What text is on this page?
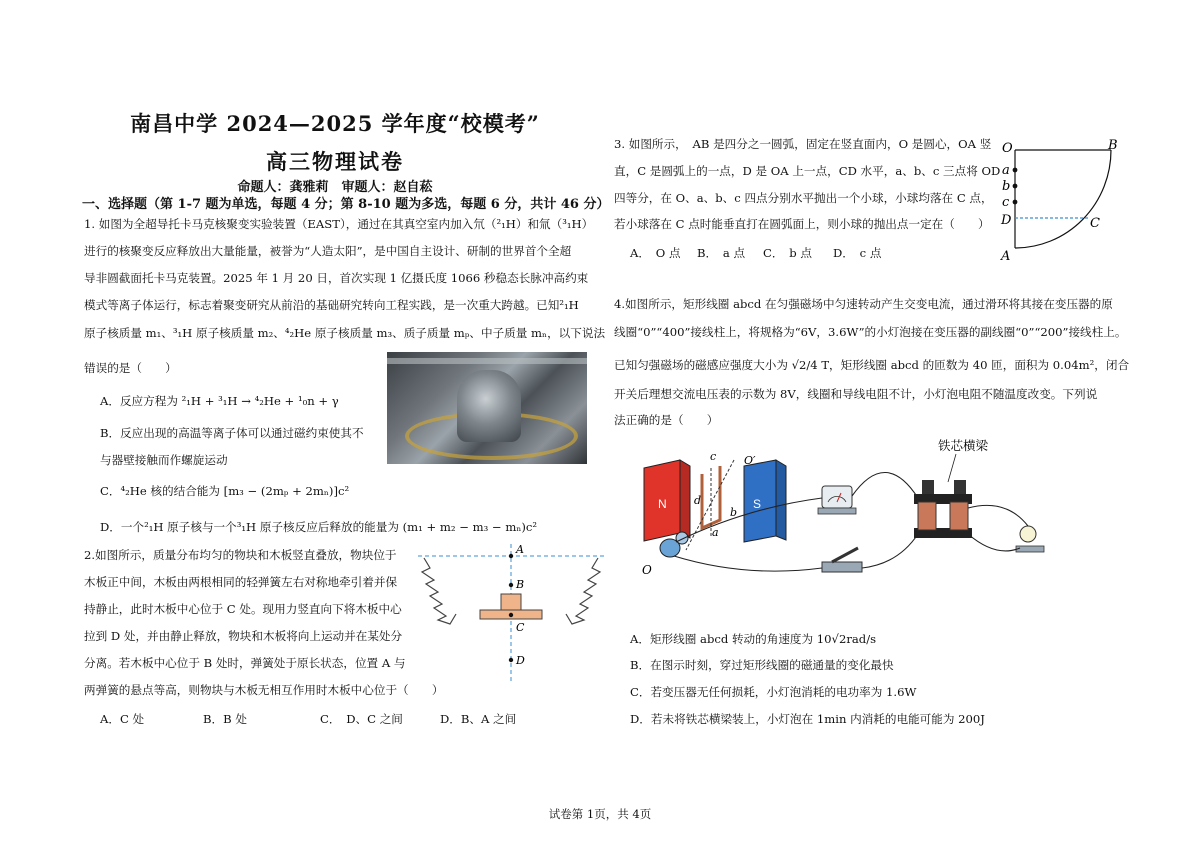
南昌中学 2024—2025 学年度“校模考”
高三物理试卷
命题人：龚雅莉　审题人：赵自菘
一、选择题（第 1-7 题为单选，每题 4 分；第 8-10 题为多选，每题 6 分，共计 46 分）
1. 如图为全超导托卡马克核聚变实验装置（EAST），通过在其真空室内加入氘（²₁H）和氚（³₁H）
进行的核聚变反应释放出大量能量，被誉为“人造太阳”，是中国自主设计、研制的世界首个全超
导非圆截面托卡马克装置。2025 年 1 月 20 日，首次实现 1 亿摄氏度 1066 秒稳态长脉冲高约束
模式等离子体运行，标志着聚变研究从前沿的基础研究转向工程实践，是一次重大跨越。已知²₁H
原子核质量 m₁、³₁H 原子核质量 m₂、⁴₂He 原子核质量 m₃、质子质量 mₚ、中子质量 mₙ，以下说法
错误的是（　　）
A．反应方程为 ²₁H + ³₁H → ⁴₂He + ¹₀n + γ
B．反应出现的高温等离子体可以通过磁约束使其不
与器壁接触而作螺旋运动
C．⁴₂He 核的结合能为 [m₃ − (2mₚ + 2mₙ)]c²
D．一个²₁H 原子核与一个³₁H 原子核反应后释放的能量为 (m₁ + m₂ − m₃ − mₙ)c²
2.如图所示，质量分布均匀的物块和木板竖直叠放，物块位于
木板正中间，木板由两根相同的轻弹簧左右对称地牵引着并保
持静止，此时木板中心位于 C 处。现用力竖直向下将木板中心
拉到 D 处，并由静止释放，物块和木板将向上运动并在某处分
分离。若木板中心位于 B 处时，弹簧处于原长状态，位置 A 与
两弹簧的悬点等高，则物块与木板无相互作用时木板中心位于（　　）
A．C 处	B．B 处	C．　D、C 之间	D．B、A 之间
A
B
C
D
3. 如图所示，　AB 是四分之一圆弧，固定在竖直面内，O 是圆心，OA 竖
直，C 是圆弧上的一点，D 是 OA 上一点，CD 水平，a、b、c 三点将 OD
四等分，在 O、a、b、c 四点分别水平抛出一个小球，小球均落在 C 点，
若小球落在 C 点时能垂直打在圆弧面上，则小球的抛出点一定在（　　）
A．　O 点 B．　a 点 C．　b 点 D．　c 点
O	B
a
b
c
D	C
A
4.如图所示，矩形线圈 abcd 在匀强磁场中匀速转动产生交变电流，通过滑环将其接在变压器的原
线圈“0”“400”接线柱上，将规格为“6V，3.6W”的小灯泡接在变压器的副线圈“0”“200”接线柱上。
已知匀强磁场的磁感应强度大小为 √2/4 T，矩形线圈 abcd 的匝数为 40 匝，面积为 0.04m²，闭合
开关后理想交流电压表的示数为 8V，线圈和导线电阻不计，小灯泡电阻不随温度改变。下列说
法正确的是（　　）
N	S
d
c
b
a
O′
O
铁芯横梁
A．矩形线圈 abcd 转动的角速度为 10√2rad/s
B．在图示时刻，穿过矩形线圈的磁通量的变化最快
C．若变压器无任何损耗，小灯泡消耗的电功率为 1.6W
D．若未将铁芯横梁装上，小灯泡在 1min 内消耗的电能可能为 200J
试卷第 1页，共 4页
